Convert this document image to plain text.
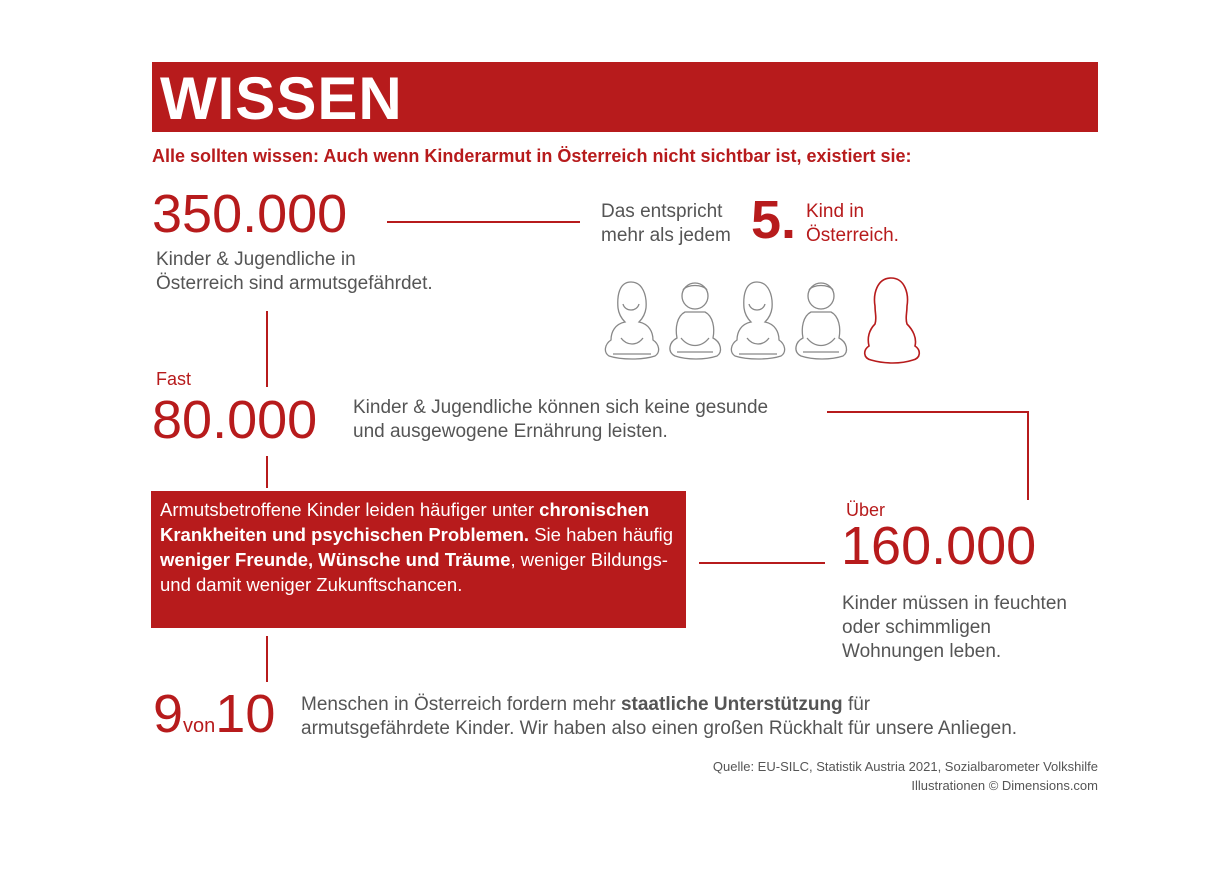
WISSEN
Alle sollten wissen: Auch wenn Kinderarmut in Österreich nicht sichtbar ist, existiert sie:
350.000
Kinder & Jugendliche in
Österreich sind armutsgefährdet.
Das entspricht
mehr als jedem 5. Kind in
Österreich.
Fast
80.000 Kinder & Jugendliche können sich keine gesunde
und ausgewogene Ernährung leisten.
Armutsbetroffene Kinder leiden häufiger unter chronischen Krankheiten und psychischen Problemen. Sie haben häufig weniger Freunde, Wünsche und Träume, weniger Bildungs- und damit weniger Zukunftschancen.
Über
160.000
Kinder müssen in feuchten
oder schimmligen
Wohnungen leben.
9von10 Menschen in Österreich fordern mehr staatliche Unterstützung für
armutsgefährdete Kinder. Wir haben also einen großen Rückhalt für unsere Anliegen.
Quelle: EU-SILC, Statistik Austria 2021, Sozialbarometer Volkshilfe
Illustrationen © Dimensions.com
